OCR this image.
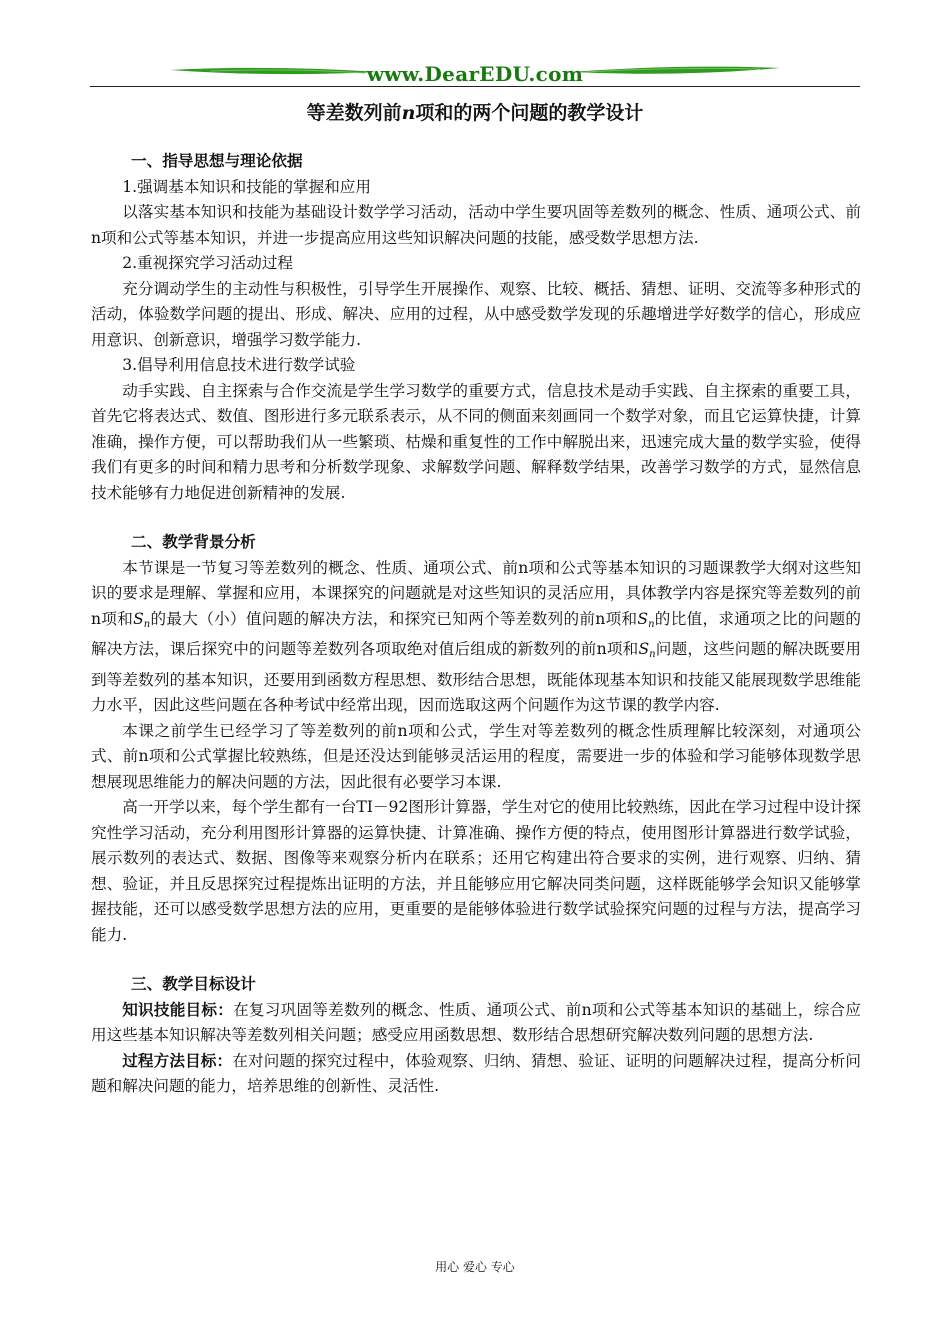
www.DearEDU.com
等差数列前n项和的两个问题的教学设计

一、指导思想与理论依据

1.强调基本知识和技能的掌握和应用

以落实基本知识和技能为基础设计数学学习活动，活动中学生要巩固等差数列的概念、性质、通项公式、前n项和公式等基本知识，并进一步提高应用这些知识解决问题的技能，感受数学思想方法.

2.重视探究学习活动过程

充分调动学生的主动性与积极性，引导学生开展操作、观察、比较、概括、猜想、证明、交流等多种形式的活动，体验数学问题的提出、形成、解决、应用的过程，从中感受数学发现的乐趣增进学好数学的信心，形成应用意识、创新意识，增强学习数学能力.

3.倡导利用信息技术进行数学试验

动手实践、自主探索与合作交流是学生学习数学的重要方式，信息技术是动手实践、自主探索的重要工具，首先它将表达式、数值、图形进行多元联系表示，从不同的侧面来刻画同一个数学对象，而且它运算快捷，计算准确，操作方便，可以帮助我们从一些繁琐、枯燥和重复性的工作中解脱出来，迅速完成大量的数学实验，使得我们有更多的时间和精力思考和分析数学现象、求解数学问题、解释数学结果，改善学习数学的方式，显然信息技术能够有力地促进创新精神的发展.

二、教学背景分析

本节课是一节复习等差数列的概念、性质、通项公式、前n项和公式等基本知识的习题课教学大纲对这些知识的要求是理解、掌握和应用，本课探究的问题就是对这些知识的灵活应用，具体教学内容是探究等差数列的前n项和$S_n$的最大（小）值问题的解决方法，和探究已知两个等差数列的前n项和$S_n$的比值，求通项之比的问题的解决方法，课后探究中的问题等差数列各项取绝对值后组成的新数列的前n项和$S_n$问题，这些问题的解决既要用到等差数列的基本知识，还要用到函数方程思想、数形结合思想，既能体现基本知识和技能又能展现数学思维能力水平，因此这些问题在各种考试中经常出现，因而选取这两个问题作为这节课的教学内容.

本课之前学生已经学习了等差数列的前n项和公式，学生对等差数列的概念性质理解比较深刻，对通项公式、前n项和公式掌握比较熟练，但是还没达到能够灵活运用的程度，需要进一步的体验和学习能够体现数学思想展现思维能力的解决问题的方法，因此很有必要学习本课.

高一开学以来，每个学生都有一台TI－92图形计算器，学生对它的使用比较熟练，因此在学习过程中设计探究性学习活动，充分利用图形计算器的运算快捷、计算准确、操作方便的特点，使用图形计算器进行数学试验，展示数列的表达式、数据、图像等来观察分析内在联系；还用它构建出符合要求的实例，进行观察、归纳、猜想、验证，并且反思探究过程提炼出证明的方法，并且能够应用它解决同类问题，这样既能够学会知识又能够掌握技能，还可以感受数学思想方法的应用，更重要的是能够体验进行数学试验探究问题的过程与方法，提高学习能力.

三、教学目标设计

知识技能目标：在复习巩固等差数列的概念、性质、通项公式、前n项和公式等基本知识的基础上，综合应用这些基本知识解决等差数列相关问题；感受应用函数思想、数形结合思想研究解决数列问题的思想方法.

过程方法目标：在对问题的探究过程中，体验观察、归纳、猜想、验证、证明的问题解决过程，提高分析问题和解决问题的能力，培养思维的创新性、灵活性.

用心 爱心 专心
